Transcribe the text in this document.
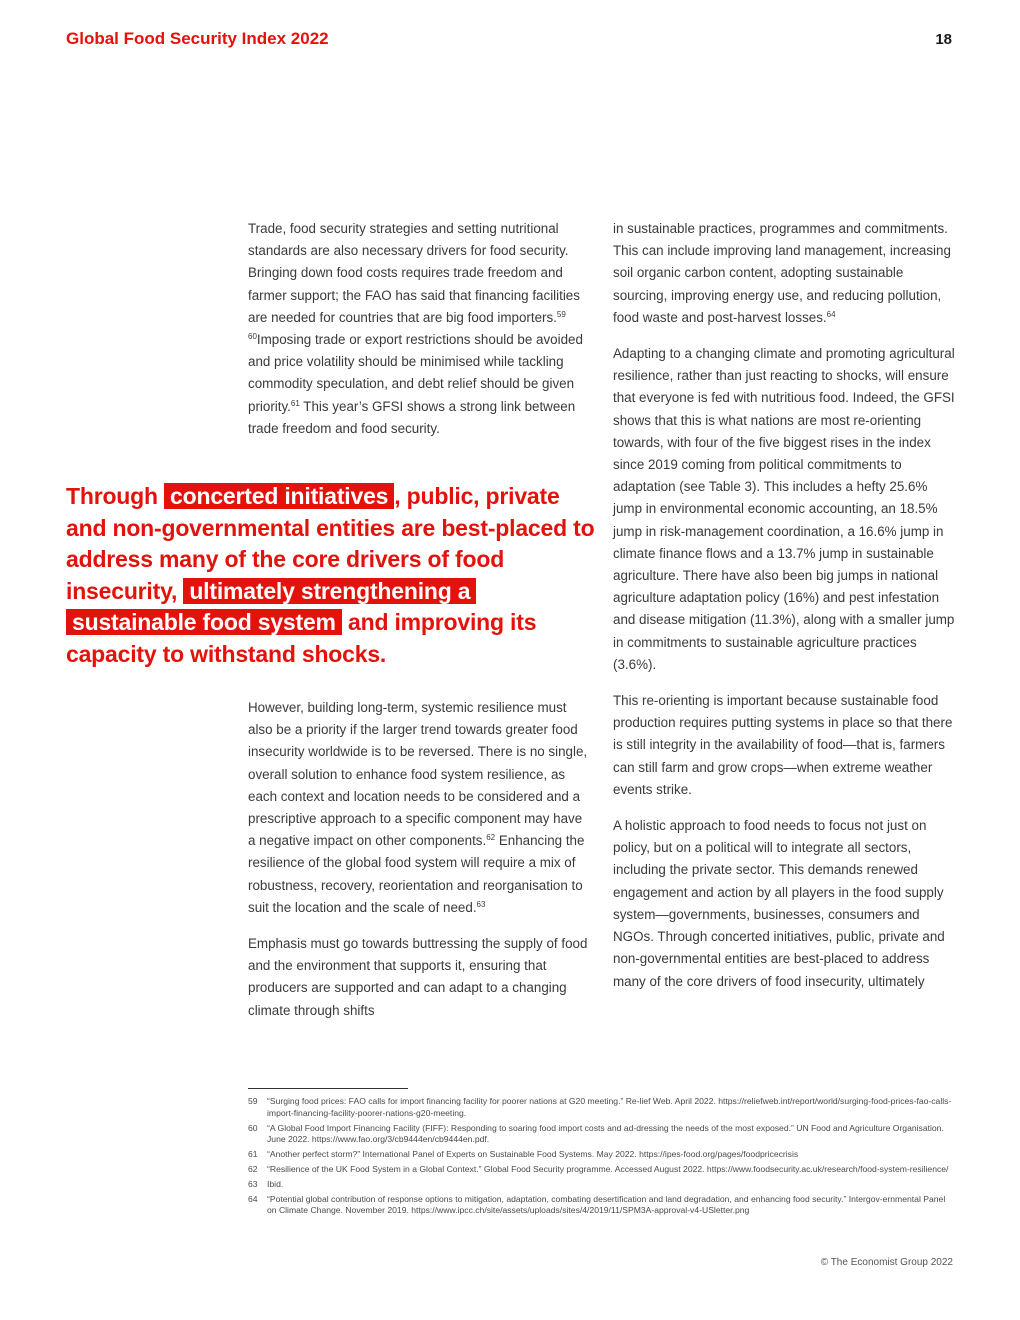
Global Food Security Index 2022	18

Trade, food security strategies and setting nutritional standards are also necessary drivers for food security. Bringing down food costs requires trade freedom and farmer support; the FAO has said that financing facilities are needed for countries that are big food importers.$^{59 60}$Imposing trade or export restrictions should be avoided and price volatility should be minimised while tackling commodity speculation, and debt relief should be given priority.$^{61}$ This year’s GFSI shows a strong link between trade freedom and food security.

Through concerted initiatives , public, private and non-governmental entities are best-placed to address many of the core drivers of food insecurity, ultimately strengthening a sustainable food system and improving its capacity to withstand shocks.

However, building long-term, systemic resilience must also be a priority if the larger trend towards greater food insecurity worldwide is to be reversed. There is no single, overall solution to enhance food system resilience, as each context and location needs to be considered and a prescriptive approach to a specific component may have a negative impact on other components.$^{62}$ Enhancing the resilience of the global food system will require a mix of robustness, recovery, reorientation and reorganisation to suit the location and the scale of need.$^{63}$

Emphasis must go towards buttressing the supply of food and the environment that supports it, ensuring that producers are supported and can adapt to a changing climate through shifts

in sustainable practices, programmes and commitments. This can include improving land management, increasing soil organic carbon content, adopting sustainable sourcing, improving energy use, and reducing pollution, food waste and post-harvest losses.$^{64}$

Adapting to a changing climate and promoting agricultural resilience, rather than just reacting to shocks, will ensure that everyone is fed with nutritious food. Indeed, the GFSI shows that this is what nations are most re-orienting towards, with four of the five biggest rises in the index since 2019 coming from political commitments to adaptation (see Table 3). This includes a hefty 25.6% jump in environmental economic accounting, an 18.5% jump in risk-management coordination, a 16.6% jump in climate finance flows and a 13.7% jump in sustainable agriculture. There have also been big jumps in national agriculture adaptation policy (16%) and pest infestation and disease mitigation (11.3%), along with a smaller jump in commitments to sustainable agriculture practices (3.6%).

This re-orienting is important because sustainable food production requires putting systems in place so that there is still integrity in the availability of food—that is, farmers can still farm and grow crops—when extreme weather events strike.

A holistic approach to food needs to focus not just on policy, but on a political will to integrate all sectors, including the private sector. This demands renewed engagement and action by all players in the food supply system—governments, businesses, consumers and NGOs. Through concerted initiatives, public, private and non-governmental entities are best-placed to address many of the core drivers of food insecurity, ultimately

59	“Surging food prices: FAO calls for import financing facility for poorer nations at G20 meeting.” Re-lief Web. April 2022. https://reliefweb.int/report/world/surging-food-prices-fao-calls-import-financing-facility-poorer-nations-g20-meeting.
60	“A Global Food Import Financing Facility (FIFF): Responding to soaring food import costs and ad-dressing the needs of the most exposed.” UN Food and Agriculture Organisation. June 2022. https://www.fao.org/3/cb9444en/cb9444en.pdf.
61	“Another perfect storm?” International Panel of Experts on Sustainable Food Systems. May 2022. https://ipes-food.org/pages/foodpricecrisis
62	“Resilience of the UK Food System in a Global Context.” Global Food Security programme. Accessed August 2022. https://www.foodsecurity.ac.uk/research/food-system-resilience/
63	Ibid.
64	“Potential global contribution of response options to mitigation, adaptation, combating desertification and land degradation, and enhancing food security.” Intergov-ernmental Panel on Climate Change. November 2019. https://www.ipcc.ch/site/assets/uploads/sites/4/2019/11/SPM3A-approval-v4-USletter.png
© The Economist Group 2022
